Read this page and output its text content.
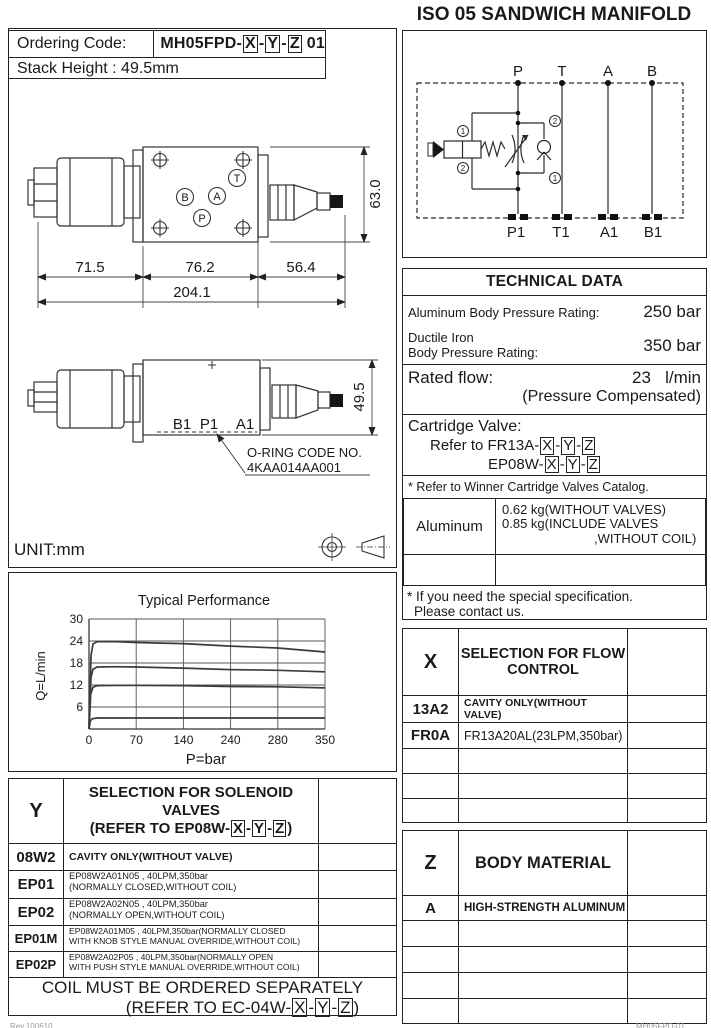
Ordering Code:	MH05FPD- X - Y - Z 01
Stack Height : 49.5mm
B A
P
T
71.5	76.2	56.4
204.1
63.0
B1 P1 A1
49.5
O-RING CODE NO.
4KAA014AA001
UNIT:mm
Typical Performance
P=bar
Q=L/min
6
12
18
24
30
0	70	140 240 280 350
Y
SELECTION FOR SOLENOID VALVES
(REFER TO EP08W- X - Y - Z )
08W2	CAVITY ONLY(WITHOUT VALVE)
EP01	EP08W2A01N05 , 40LPM,350bar
(NORMALLY CLOSED,WITHOUT COIL)
EP02	EP08W2A02N05 , 40LPM,350bar
(NORMALLY OPEN,WITHOUT COIL)
EP01M	EP08W2A01M05 , 40LPM,350bar(NORMALLY CLOSED
WITH KNOB STYLE MANUAL OVERRIDE,WITHOUT COIL)
EP02P	EP08W2A02P05 , 40LPM,350bar(NORMALLY OPEN
WITH PUSH STYLE MANUAL OVERRIDE,WITHOUT COIL)
COIL MUST BE ORDERED SEPARATELY
(REFER TO EC-04W- X - Y - Z )
ISO 05 SANDWICH MANIFOLD
1
2
2
1
P T A B
P1 T1 A1 B1
TECHNICAL DATA
Aluminum Body Pressure Rating:	250 bar
Ductile Iron
Body Pressure Rating:	350 bar
Rated flow:	23   l/min
(Pressure Compensated)
Cartridge Valve:
Refer to FR13A- X - Y - Z
EP08W- X - Y - Z
* Refer to Winner Cartridge Valves Catalog.
Aluminum
0.62 kg(WITHOUT VALVES)
0.85 kg(INCLUDE VALVES
,WITHOUT COIL)
* If you need the special specification.
Please contact us.
X	SELECTION FOR FLOW CONTROL
13A2	CAVITY ONLY(WITHOUT VALVE)
FR0A	FR13A20AL(23LPM,350bar)
Z	BODY MATERIAL
A	HIGH-STRENGTH ALUMINUM
Rev.100610	MH05FPD-01
